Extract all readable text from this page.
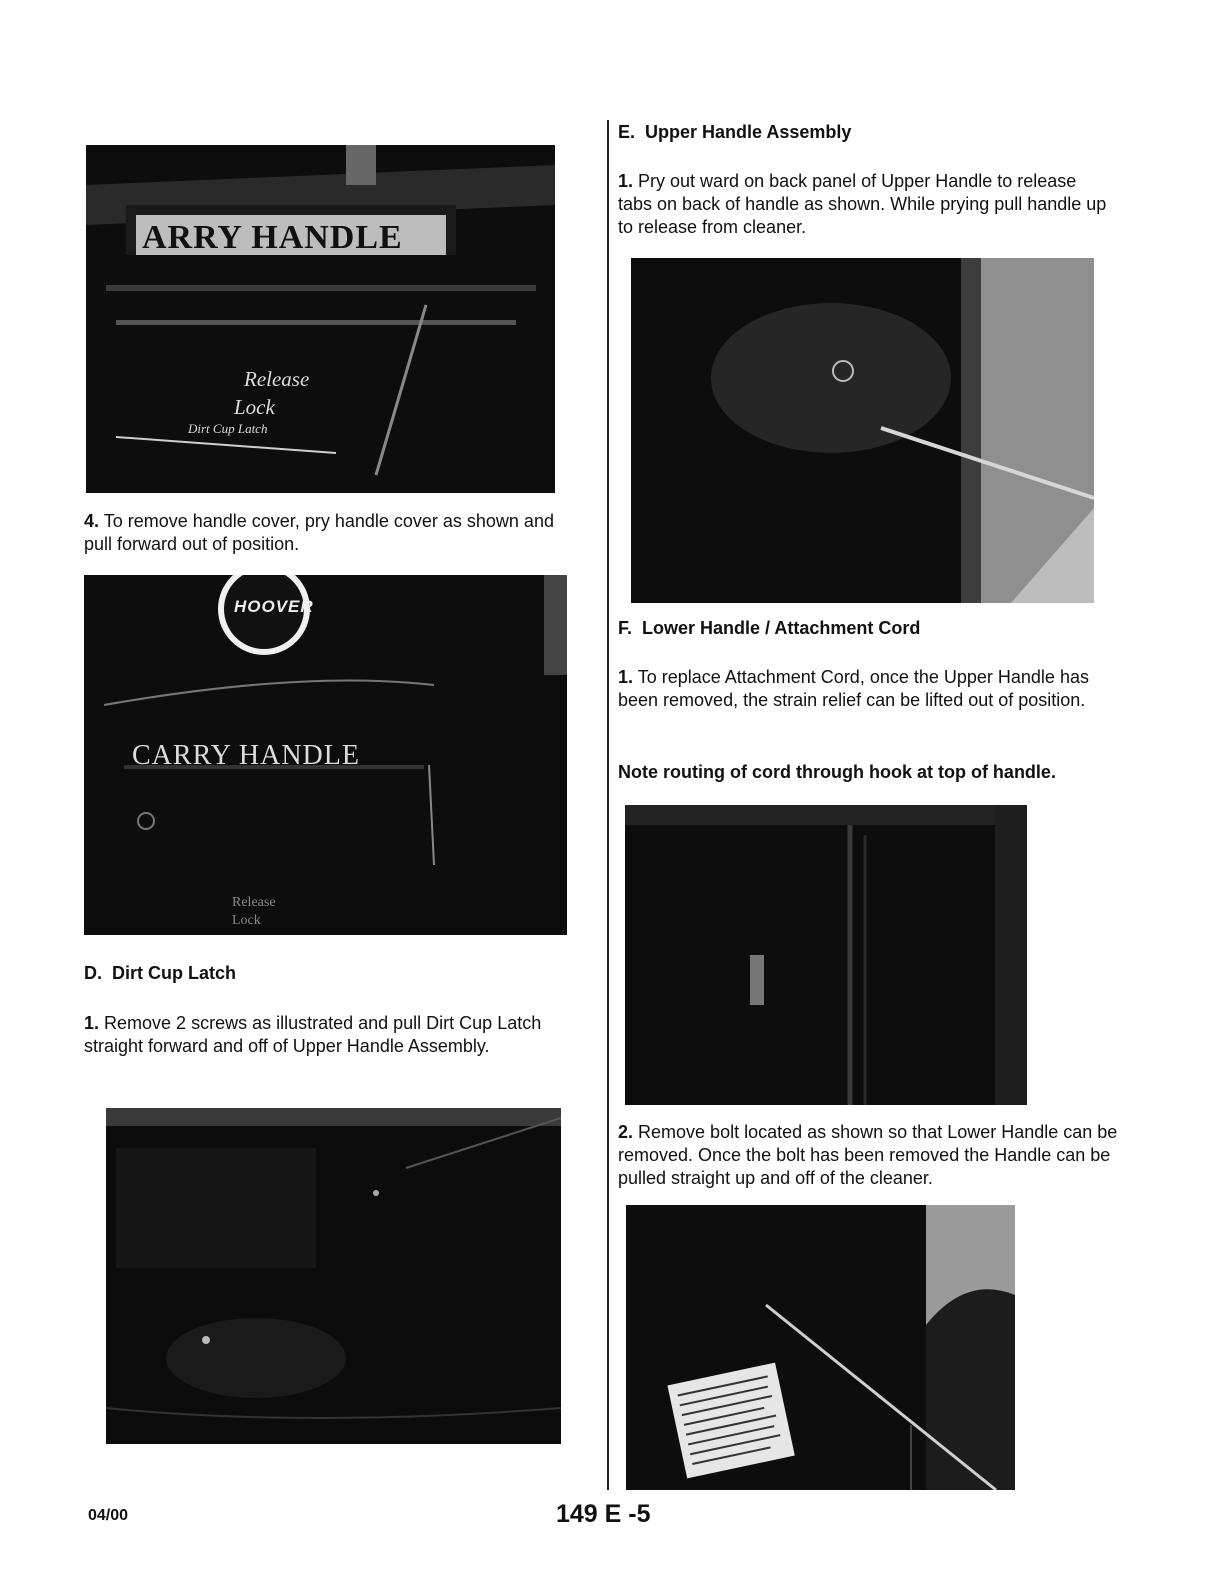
ARRY HANDLE
Release
Lock
Dirt Cup Latch
4. To remove handle cover, pry handle cover as shown and pull forward out of position.
HOOVER
CARRY HANDLE
Release
Lock
D.  Dirt Cup Latch
1. Remove 2 screws as illustrated and pull Dirt Cup Latch straight forward and off of Upper Handle Assembly.
E.  Upper Handle Assembly
1. Pry out ward on back panel of Upper Handle to release tabs on back of handle as shown. While prying pull handle up to release from cleaner.
F.  Lower Handle / Attachment Cord
1. To replace Attachment Cord, once the Upper Handle has been removed, the strain relief can be lifted out of position.
Note routing of cord through hook at top of handle.
2. Remove bolt located as shown so that Lower Handle can be removed. Once the bolt has been removed the Handle can be pulled straight up and off of the cleaner.
04/00	149 E -5
